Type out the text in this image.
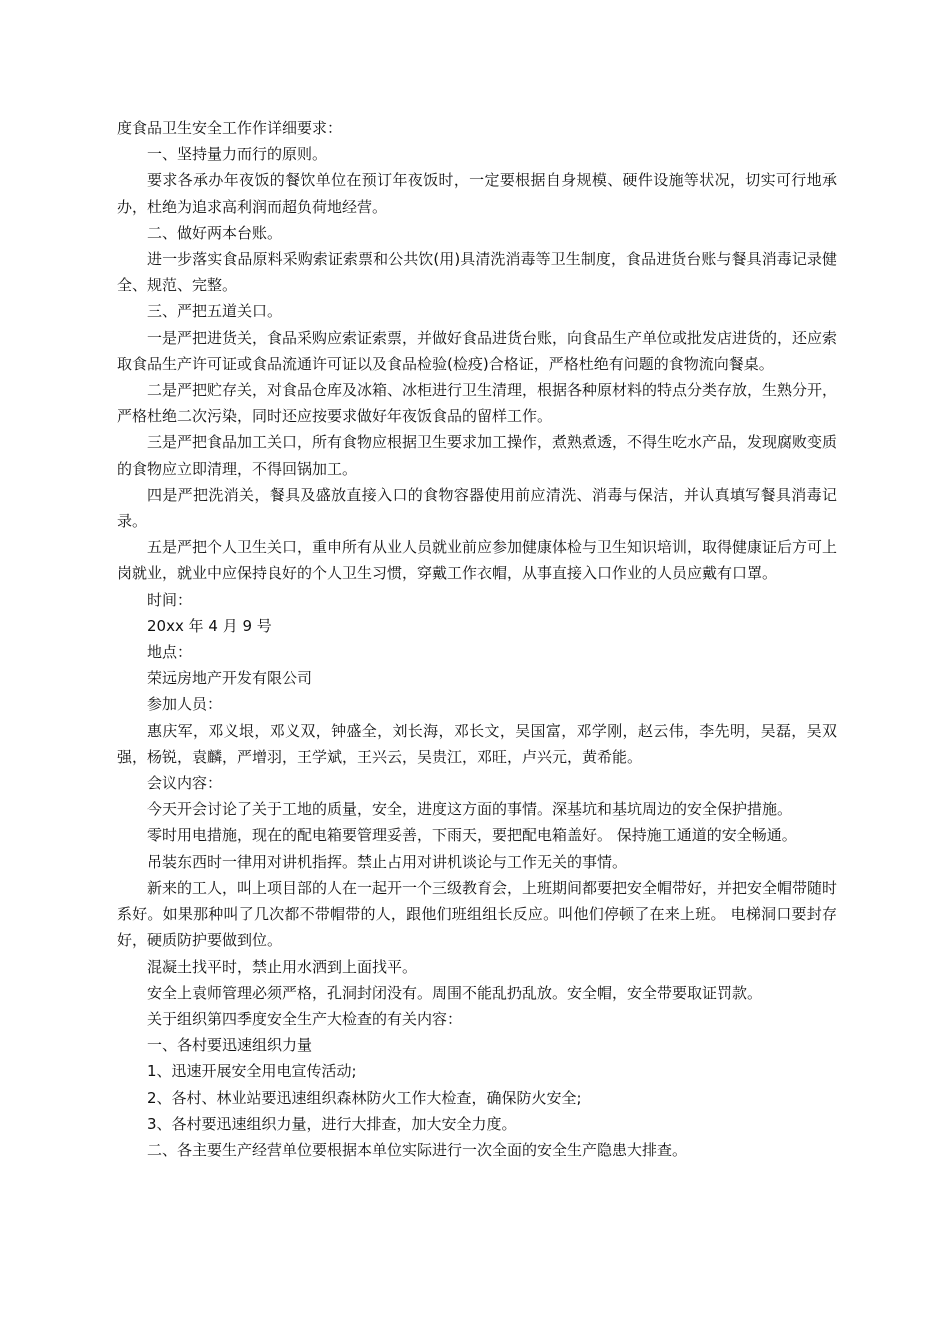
度食品卫生安全工作作详细要求：

一、坚持量力而行的原则。

要求各承办年夜饭的餐饮单位在预订年夜饭时，一定要根据自身规模、硬件设施等状况，切实可行地承办，杜绝为追求高利润而超负荷地经营。

二、做好两本台账。

进一步落实食品原料采购索证索票和公共饮(用)具清洗消毒等卫生制度，食品进货台账与餐具消毒记录健全、规范、完整。

三、严把五道关口。

一是严把进货关，食品采购应索证索票，并做好食品进货台账，向食品生产单位或批发店进货的，还应索取食品生产许可证或食品流通许可证以及食品检验(检疫)合格证，严格杜绝有问题的食物流向餐桌。

二是严把贮存关，对食品仓库及冰箱、冰柜进行卫生清理，根据各种原材料的特点分类存放，生熟分开，严格杜绝二次污染，同时还应按要求做好年夜饭食品的留样工作。

三是严把食品加工关口，所有食物应根据卫生要求加工操作，煮熟煮透，不得生吃水产品，发现腐败变质的食物应立即清理，不得回锅加工。

四是严把洗消关，餐具及盛放直接入口的食物容器使用前应清洗、消毒与保洁，并认真填写餐具消毒记录。

五是严把个人卫生关口，重申所有从业人员就业前应参加健康体检与卫生知识培训，取得健康证后方可上岗就业，就业中应保持良好的个人卫生习惯，穿戴工作衣帽，从事直接入口作业的人员应戴有口罩。

时间：

20xx 年 4 月 9 号

地点：

荣远房地产开发有限公司

参加人员：

惠庆军，邓义垠，邓义双，钟盛全，刘长海，邓长文，吴国富，邓学刚，赵云伟，李先明，吴磊，吴双强，杨锐，袁麟，严增羽，王学斌，王兴云，吴贵江，邓旺，卢兴元，黄希能。

会议内容：

今天开会讨论了关于工地的质量，安全，进度这方面的事情。深基坑和基坑周边的安全保护措施。

零时用电措施，现在的配电箱要管理妥善，下雨天，要把配电箱盖好。 保持施工通道的安全畅通。

吊装东西时一律用对讲机指挥。禁止占用对讲机谈论与工作无关的事情。

新来的工人，叫上项目部的人在一起开一个三级教育会，上班期间都要把安全帽带好，并把安全帽带随时系好。如果那种叫了几次都不带帽带的人，跟他们班组组长反应。叫他们停顿了在来上班。 电梯洞口要封存好，硬质防护要做到位。

混凝土找平时，禁止用水洒到上面找平。

安全上袁师管理必须严格，孔洞封闭没有。周围不能乱扔乱放。安全帽，安全带要取证罚款。

关于组织第四季度安全生产大检查的有关内容：

一、各村要迅速组织力量

1、迅速开展安全用电宣传活动;

2、各村、林业站要迅速组织森林防火工作大检查，确保防火安全;

3、各村要迅速组织力量，进行大排查，加大安全力度。

二、各主要生产经营单位要根据本单位实际进行一次全面的安全生产隐患大排查。
